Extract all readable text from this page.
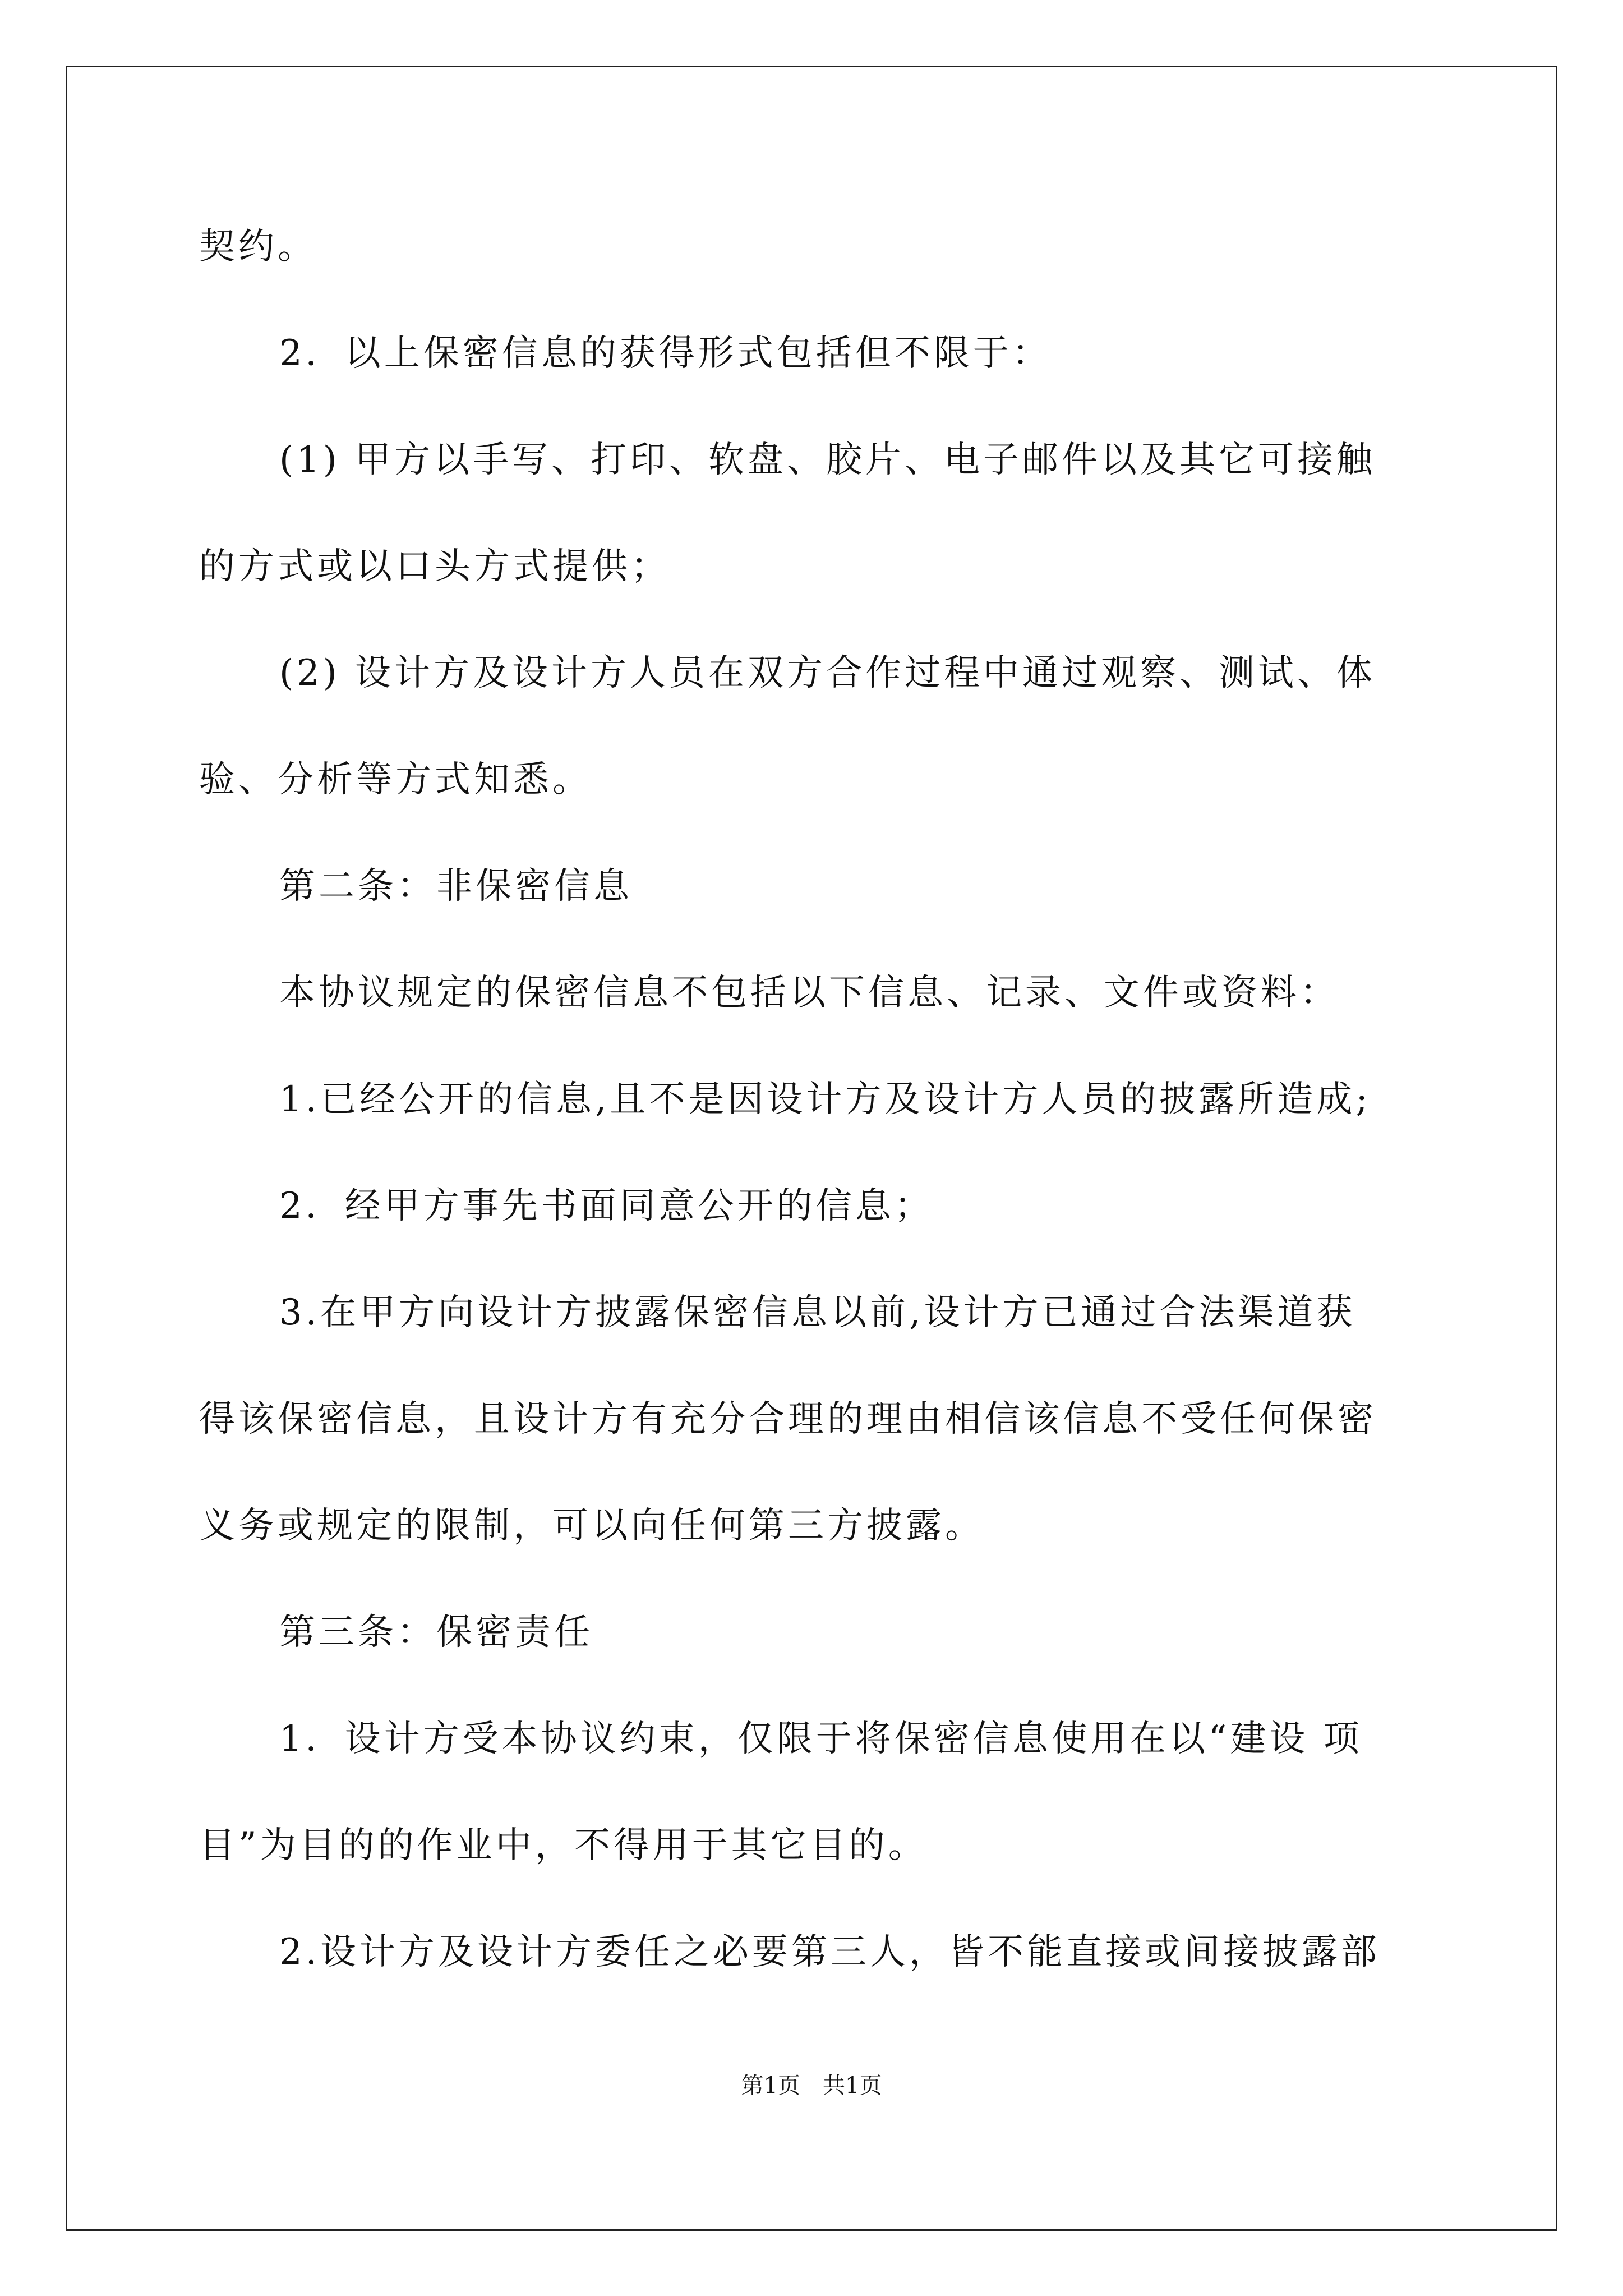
契约。
2．以上保密信息的获得形式包括但不限于：
(1) 甲方以手写、打印、软盘、胶片、电子邮件以及其它可接触
的方式或以口头方式提供；
(2) 设计方及设计方人员在双方合作过程中通过观察、测试、体
验、分析等方式知悉。
第二条：非保密信息
本协议规定的保密信息不包括以下信息、记录、文件或资料：
1.已经公开的信息,且不是因设计方及设计方人员的披露所造成;
2．经甲方事先书面同意公开的信息；
3.在甲方向设计方披露保密信息以前,设计方已通过合法渠道获
得该保密信息，且设计方有充分合理的理由相信该信息不受任何保密
义务或规定的限制，可以向任何第三方披露。
第三条：保密责任
1．设计方受本协议约束，仅限于将保密信息使用在以“建设 项
目”为目的的作业中，不得用于其它目的。
2.设计方及设计方委任之必要第三人，皆不能直接或间接披露部
第1页　共1页
